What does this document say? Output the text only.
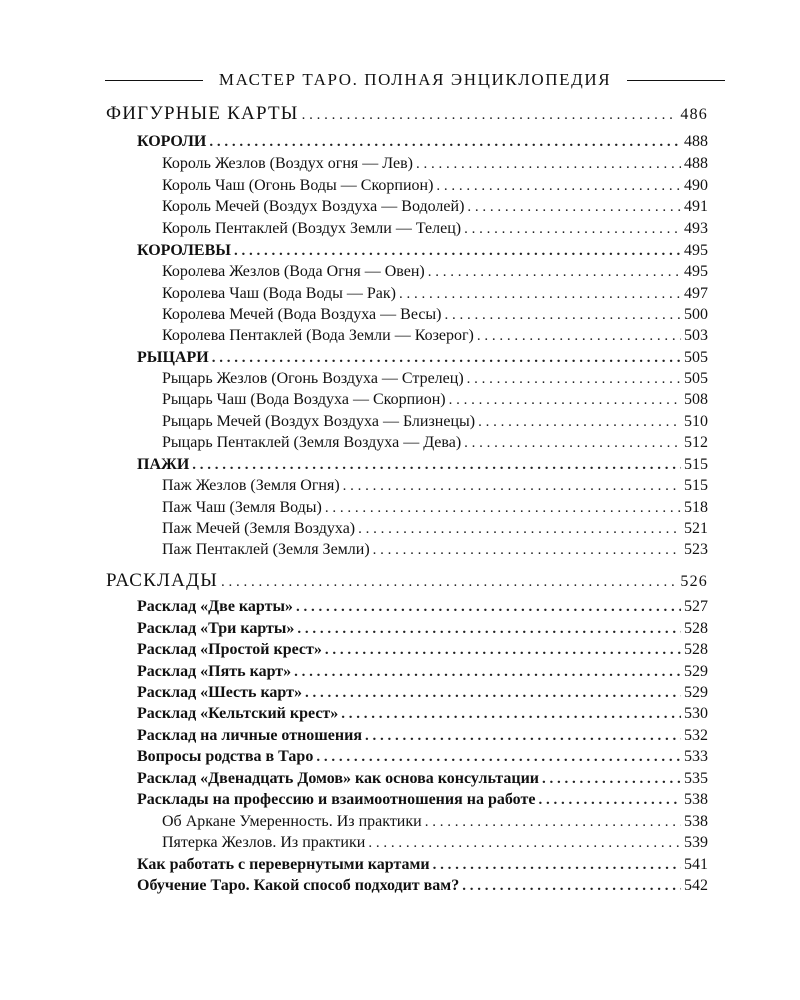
МАСТЕР ТАРО. ПОЛНАЯ ЭНЦИКЛОПЕДИЯ
ФИГУРНЫЕ КАРТЫ . . .	486
КОРОЛИ . . .	488
Король Жезлов (Воздух огня — Лев) . . .	488
Король Чаш (Огонь Воды — Скорпион) . . .	490
Король Мечей (Воздух Воздуха — Водолей) . . .	491
Король Пентаклей (Воздух Земли — Телец) . . .	493
КОРОЛЕВЫ . . .	495
Королева Жезлов (Вода Огня — Овен) . . .	495
Королева Чаш (Вода Воды — Рак) . . .	497
Королева Мечей (Вода Воздуха — Весы) . . .	500
Королева Пентаклей (Вода Земли — Козерог) . . .	503
РЫЦАРИ . . .	505
Рыцарь Жезлов (Огонь Воздуха — Стрелец) . . .	505
Рыцарь Чаш (Вода Воздуха — Скорпион) . . .	508
Рыцарь Мечей (Воздух Воздуха — Близнецы) . . .	510
Рыцарь Пентаклей (Земля Воздуха — Дева) . . .	512
ПАЖИ . . .	515
Паж Жезлов (Земля Огня) . . .	515
Паж Чаш (Земля Воды) . . .	518
Паж Мечей (Земля Воздуха) . . .	521
Паж Пентаклей (Земля Земли) . . .	523
РАСКЛАДЫ . . .	526
Расклад «Две карты» . . .	527
Расклад «Три карты» . . .	528
Расклад «Простой крест» . . .	528
Расклад «Пять карт» . . .	529
Расклад «Шесть карт» . . .	529
Расклад «Кельтский крест» . . .	530
Расклад на личные отношения . . .	532
Вопросы родства в Таро . . .	533
Расклад «Двенадцать Домов» как основа консультации . . .	535
Расклады на профессию и взаимоотношения на работе . . .	538
Об Аркане Умеренность. Из практики . . .	538
Пятерка Жезлов. Из практики . . .	539
Как работать с перевернутыми картами . . .	541
Обучение Таро. Какой способ подходит вам? . . .	542
